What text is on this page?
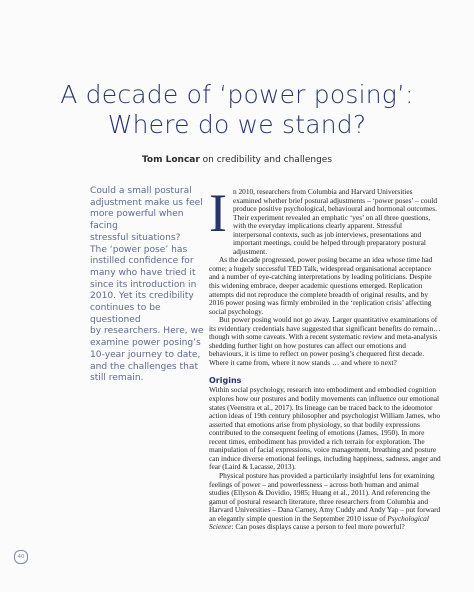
A decade of ‘power posing’:
Where do we stand?
Tom Loncar on credibility and challenges
Could a small postural
adjustment make us feel
more powerful when facing
stressful situations?
The ‘power pose’ has
instilled confidence for
many who have tried it
since its introduction in
2010. Yet its credibility
continues to be questioned
by researchers. Here, we
examine power posing’s
10-year journey to date,
and the challenges that
still remain.

In 2010, researchers from Columbia and Harvard Universities examined whether brief postural adjustments – ‘power poses’ – could produce positive psychological, behavioural and hormonal outcomes. Their experiment revealed an emphatic ‘yes’ on all three questions, with the everyday implications clearly apparent. Stressful interpersonal contexts, such as job interviews, presentations and important meetings, could be helped through preparatory postural adjustment.

As the decade progressed, power posing became an idea whose time had come; a hugely successful TED Talk, widespread organisational acceptance and a number of eye-catching interpretations by leading politicians. Despite this widening embrace, deeper academic questions emerged. Replication attempts did not reproduce the complete breadth of original results, and by 2016 power posing was firmly embroiled in the ‘replication crisis’ affecting social psychology.

But power posing would not go away. Larger quantitative examinations of its evidentiary credentials have suggested that significant benefits do remain… though with some caveats. With a recent systematic review and meta-analysis shedding further light on how postures can affect our emotions and behaviours, it is time to reflect on power posing’s chequered first decade. Where it came from, where it now stands … and where to next?

Origins

Within social psychology, research into embodiment and embodied cognition explores how our postures and bodily movements can influence our emotional states (Veenstra et al., 2017). Its lineage can be traced back to the ideomotor action ideas of 19th century philosopher and psychologist William James, who asserted that emotions arise from physiology, so that bodily expressions contributed to the consequent feeling of emotions (James, 1950). In more recent times, embodiment has provided a rich terrain for exploration. The manipulation of facial expressions, voice management, breathing and posture can induce diverse emotional feelings, including happiness, sadness, anger and fear (Laird & Lacasse, 2013).

Physical posture has provided a particularly insightful lens for examining feelings of power – and powerlessness – across both human and animal studies (Ellyson & Dovidio, 1985; Huang et al., 2011). And referencing the gamut of postural research literature, three researchers from Columbia and Harvard Universities – Dana Carney, Amy Cuddy and Andy Yap – put forward an elegantly simple question in the September 2010 issue of Psychological Science: Can poses displays cause a person to feel more powerful?

40
